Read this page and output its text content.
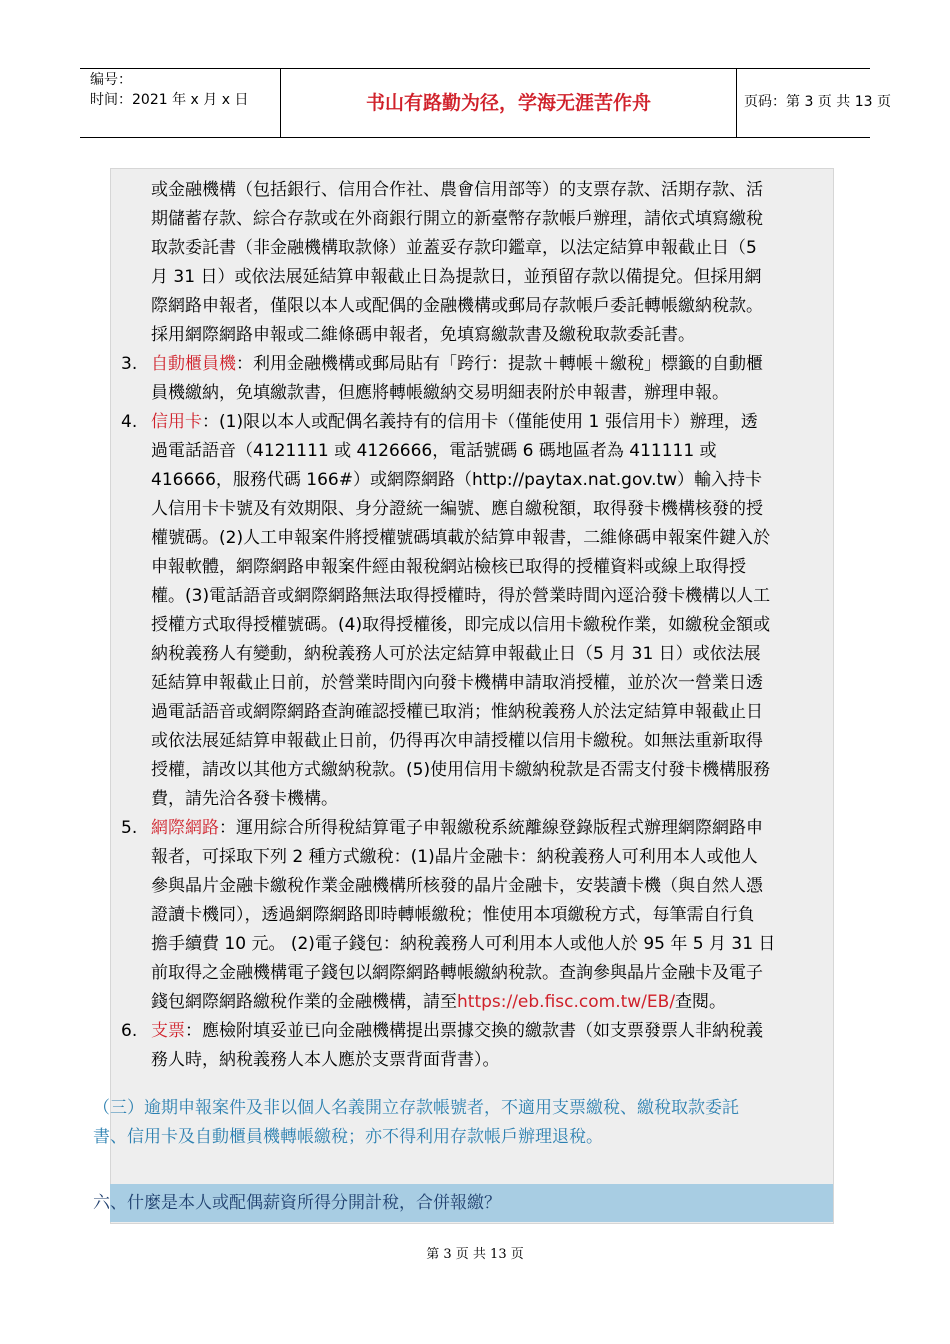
编号：
时间：2021 年 x 月 x 日	书山有路勤为径，学海无涯苦作舟	页码：第 3 页 共 13 页
或金融機構（包括銀行、信用合作社、農會信用部等）的支票存款、活期存款、活
期儲蓄存款、綜合存款或在外商銀行開立的新臺幣存款帳戶辦理，請依式填寫繳稅
取款委託書（非金融機構取款條）並蓋妥存款印鑑章，以法定結算申報截止日（5
月 31 日）或依法展延結算申報截止日為提款日，並預留存款以備提兌。但採用網
際網路申報者，僅限以本人或配偶的金融機構或郵局存款帳戶委託轉帳繳納稅款。
採用網際網路申報或二維條碼申報者，免填寫繳款書及繳稅取款委託書。
3. 自動櫃員機：利用金融機構或郵局貼有「跨行：提款＋轉帳＋繳稅」標籤的自動櫃
員機繳納，免填繳款書，但應將轉帳繳納交易明細表附於申報書，辦理申報。
4. 信用卡：(1)限以本人或配偶名義持有的信用卡（僅能使用 1 張信用卡）辦理，透
過電話語音（4121111 或 4126666，電話號碼 6 碼地區者為 411111 或
416666，服務代碼 166#）或網際網路（http://paytax.nat.gov.tw）輸入持卡
人信用卡卡號及有效期限、身分證統一編號、應自繳稅額，取得發卡機構核發的授
權號碼。(2)人工申報案件將授權號碼填載於結算申報書，二維條碼申報案件鍵入於
申報軟體，網際網路申報案件經由報稅網站檢核已取得的授權資料或線上取得授
權。(3)電話語音或網際網路無法取得授權時，得於營業時間內逕洽發卡機構以人工
授權方式取得授權號碼。(4)取得授權後，即完成以信用卡繳稅作業，如繳稅金額或
納稅義務人有變動，納稅義務人可於法定結算申報截止日（5 月 31 日）或依法展
延結算申報截止日前，於營業時間內向發卡機構申請取消授權，並於次一營業日透
過電話語音或網際網路查詢確認授權已取消；惟納稅義務人於法定結算申報截止日
或依法展延結算申報截止日前，仍得再次申請授權以信用卡繳稅。如無法重新取得
授權，請改以其他方式繳納稅款。(5)使用信用卡繳納稅款是否需支付發卡機構服務
費，請先洽各發卡機構。
5. 網際網路：運用綜合所得稅結算電子申報繳稅系統離線登錄版程式辦理網際網路申
報者，可採取下列 2 種方式繳稅：(1)晶片金融卡：納稅義務人可利用本人或他人
參與晶片金融卡繳稅作業金融機構所核發的晶片金融卡，安裝讀卡機（與自然人憑
證讀卡機同），透過網際網路即時轉帳繳稅；惟使用本項繳稅方式，每筆需自行負
擔手續費 10 元。 (2)電子錢包：納稅義務人可利用本人或他人於 95 年 5 月 31 日
前取得之金融機構電子錢包以網際網路轉帳繳納稅款。查詢參與晶片金融卡及電子
錢包網際網路繳稅作業的金融機構，請至https://eb.fisc.com.tw/EB/查閱。
6. 支票：應檢附填妥並已向金融機構提出票據交換的繳款書（如支票發票人非納稅義
務人時，納稅義務人本人應於支票背面背書）。
（三）逾期申報案件及非以個人名義開立存款帳號者，不適用支票繳稅、繳稅取款委託
書、信用卡及自動櫃員機轉帳繳稅；亦不得利用存款帳戶辦理退稅。
六、什麼是本人或配偶薪資所得分開計稅，合併報繳？
第 3 页 共 13 页
